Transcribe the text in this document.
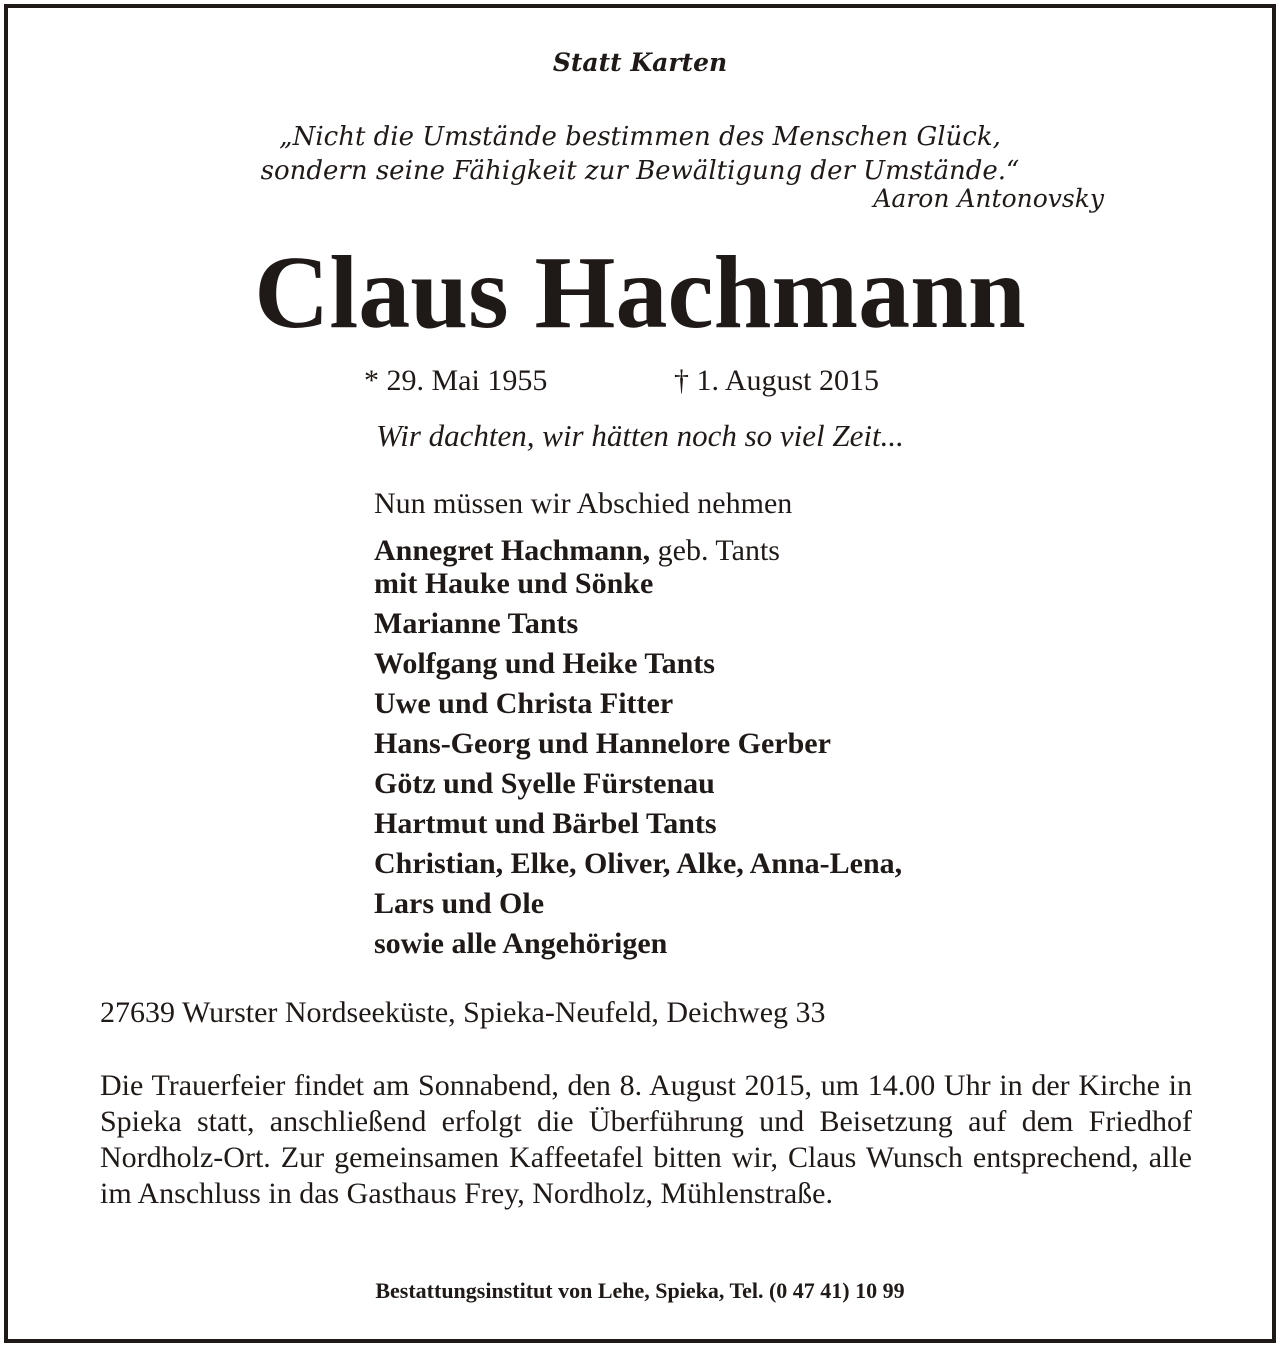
Statt Karten

„Nicht die Umstände bestimmen des Menschen Glück,
sondern seine Fähigkeit zur Bewältigung der Umstände.“

Aaron Antonovsky

Claus Hachmann

* 29. Mai 1955	† 1. August 2015

Wir dachten, wir hätten noch so viel Zeit...

Nun müssen wir Abschied nehmen
Annegret Hachmann, geb. Tants
mit Hauke und Sönke
Marianne Tants
Wolfgang und Heike Tants
Uwe und Christa Fitter
Hans-Georg und Hannelore Gerber
Götz und Syelle Fürstenau
Hartmut und Bärbel Tants
Christian, Elke, Oliver, Alke, Anna-Lena,
Lars und Ole
sowie alle Angehörigen

27639 Wurster Nordseeküste, Spieka-Neufeld, Deichweg 33

Die Trauerfeier findet am Sonnabend, den 8. August 2015, um 14.00 Uhr in der Kirche in Spieka statt, anschließend erfolgt die Überführung und Beisetzung auf dem Friedhof Nordholz-Ort. Zur gemeinsamen Kaffeetafel bitten wir, Claus Wunsch entsprechend, alle im Anschluss in das Gasthaus Frey, Nordholz, Mühlenstraße.

Bestattungsinstitut von Lehe, Spieka, Tel. (0 47 41) 10 99
